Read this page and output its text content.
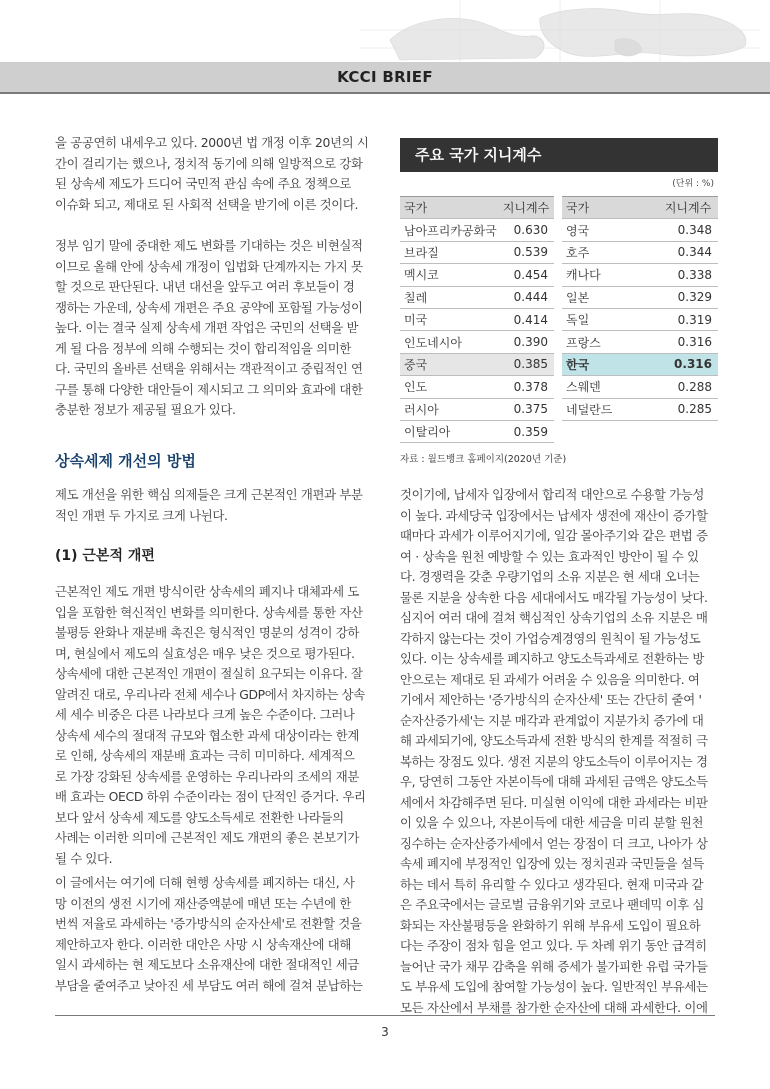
KCCI BRIEF
을 공공연히 내세우고 있다. 2000년 법 개정 이후 20년의 시
간이 걸리기는 했으나, 정치적 동기에 의해 일방적으로 강화
된 상속세 제도가 드디어 국민적 관심 속에 주요 정책으로
이슈화 되고, 제대로 된 사회적 선택을 받기에 이른 것이다.
정부 임기 말에 중대한 제도 변화를 기대하는 것은 비현실적
이므로 올해 안에 상속세 개정이 입법화 단계까지는 가지 못
할 것으로 판단된다. 내년 대선을 앞두고 여러 후보들이 경
쟁하는 가운데, 상속세 개편은 주요 공약에 포함될 가능성이
높다. 이는 결국 실제 상속세 개편 작업은 국민의 선택을 받
게 될 다음 정부에 의해 수행되는 것이 합리적임을 의미한
다. 국민의 올바른 선택을 위해서는 객관적이고 중립적인 연
구를 통해 다양한 대안들이 제시되고 그 의미와 효과에 대한
충분한 정보가 제공될 필요가 있다.
상속세제 개선의 방법
제도 개선을 위한 핵심 의제들은 크게 근본적인 개편과 부분
적인 개편 두 가지로 크게 나뉜다.
(1) 근본적 개편
근본적인 제도 개편 방식이란 상속세의 폐지나 대체과세 도
입을 포함한 혁신적인 변화를 의미한다. 상속세를 통한 자산
불평등 완화나 재분배 촉진은 형식적인 명분의 성격이 강하
며, 현실에서 제도의 실효성은 매우 낮은 것으로 평가된다.
상속세에 대한 근본적인 개편이 절실히 요구되는 이유다. 잘
알려진 대로, 우리나라 전체 세수나 GDP에서 차지하는 상속
세 세수 비중은 다른 나라보다 크게 높은 수준이다. 그러나
상속세 세수의 절대적 규모와 협소한 과세 대상이라는 한계
로 인해, 상속세의 재분배 효과는 극히 미미하다. 세계적으
로 가장 강화된 상속세를 운영하는 우리나라의 조세의 재분
배 효과는 OECD 하위 수준이라는 점이 단적인 증거다. 우리
보다 앞서 상속세 제도를 양도소득세로 전환한 나라들의
사례는 이러한 의미에 근본적인 제도 개편의 좋은 본보기가
될 수 있다.
이 글에서는 여기에 더해 현행 상속세를 폐지하는 대신, 사
망 이전의 생전 시기에 재산증액분에 매년 또는 수년에 한
번씩 저율로 과세하는 '증가방식의 순자산세'로 전환할 것을
제안하고자 한다. 이러한 대안은 사망 시 상속재산에 대해
일시 과세하는 현 제도보다 소유재산에 대한 절대적인 세금
부담을 줄여주고 낮아진 세 부담도 여러 해에 걸쳐 분납하는
주요 국가 지니계수
(단위 : %)
국가	지니계수		국가	지니계수
남아프리카공화국	0.630		영국	0.348
브라질	0.539		호주	0.344
멕시코	0.454		캐나다	0.338
칠레	0.444		일본	0.329
미국	0.414		독일	0.319
인도네시아	0.390		프랑스	0.316
중국	0.385		한국	0.316
인도	0.378		스웨덴	0.288
러시아	0.375		네덜란드	0.285
이탈리아	0.359			
자료 : 월드뱅크 홈페이지(2020년 기준)
것이기에, 납세자 입장에서 합리적 대안으로 수용할 가능성
이 높다. 과세당국 입장에서는 납세자 생전에 재산이 증가할
때마다 과세가 이루어지기에, 일감 몰아주기와 같은 편법 증
여 · 상속을 원천 예방할 수 있는 효과적인 방안이 될 수 있
다. 경쟁력을 갖춘 우량기업의 소유 지분은 현 세대 오너는
물론 지분을 상속한 다음 세대에서도 매각될 가능성이 낮다.
심지어 여러 대에 걸쳐 핵심적인 상속기업의 소유 지분은 매
각하지 않는다는 것이 가업승계경영의 원칙이 될 가능성도
있다. 이는 상속세를 폐지하고 양도소득과세로 전환하는 방
안으로는 제대로 된 과세가 어려울 수 있음을 의미한다. 여
기에서 제안하는 '증가방식의 순자산세' 또는 간단히 줄여 '
순자산증가세'는 지분 매각과 관계없이 지분가치 증가에 대
해 과세되기에, 양도소득과세 전환 방식의 한계를 적절히 극
복하는 장점도 있다. 생전 지분의 양도소득이 이루어지는 경
우, 당연히 그동안 자본이득에 대해 과세된 금액은 양도소득
세에서 차감해주면 된다. 미실현 이익에 대한 과세라는 비판
이 있을 수 있으나, 자본이득에 대한 세금을 미리 분할 원천
징수하는 순자산증가세에서 얻는 장점이 더 크고, 나아가 상
속세 폐지에 부정적인 입장에 있는 정치권과 국민들을 설득
하는 데서 특히 유리할 수 있다고 생각된다. 현재 미국과 같
은 주요국에서는 글로벌 금융위기와 코로나 팬데믹 이후 심
화되는 자산불평등을 완화하기 위해 부유세 도입이 필요하
다는 주장이 점차 힘을 얻고 있다. 두 차례 위기 동안 급격히
늘어난 국가 채무 감축을 위해 증세가 불가피한 유럽 국가들
도 부유세 도입에 참여할 가능성이 높다. 일반적인 부유세는
모든 자산에서 부채를 참가한 순자산에 대해 과세한다. 이에
3
